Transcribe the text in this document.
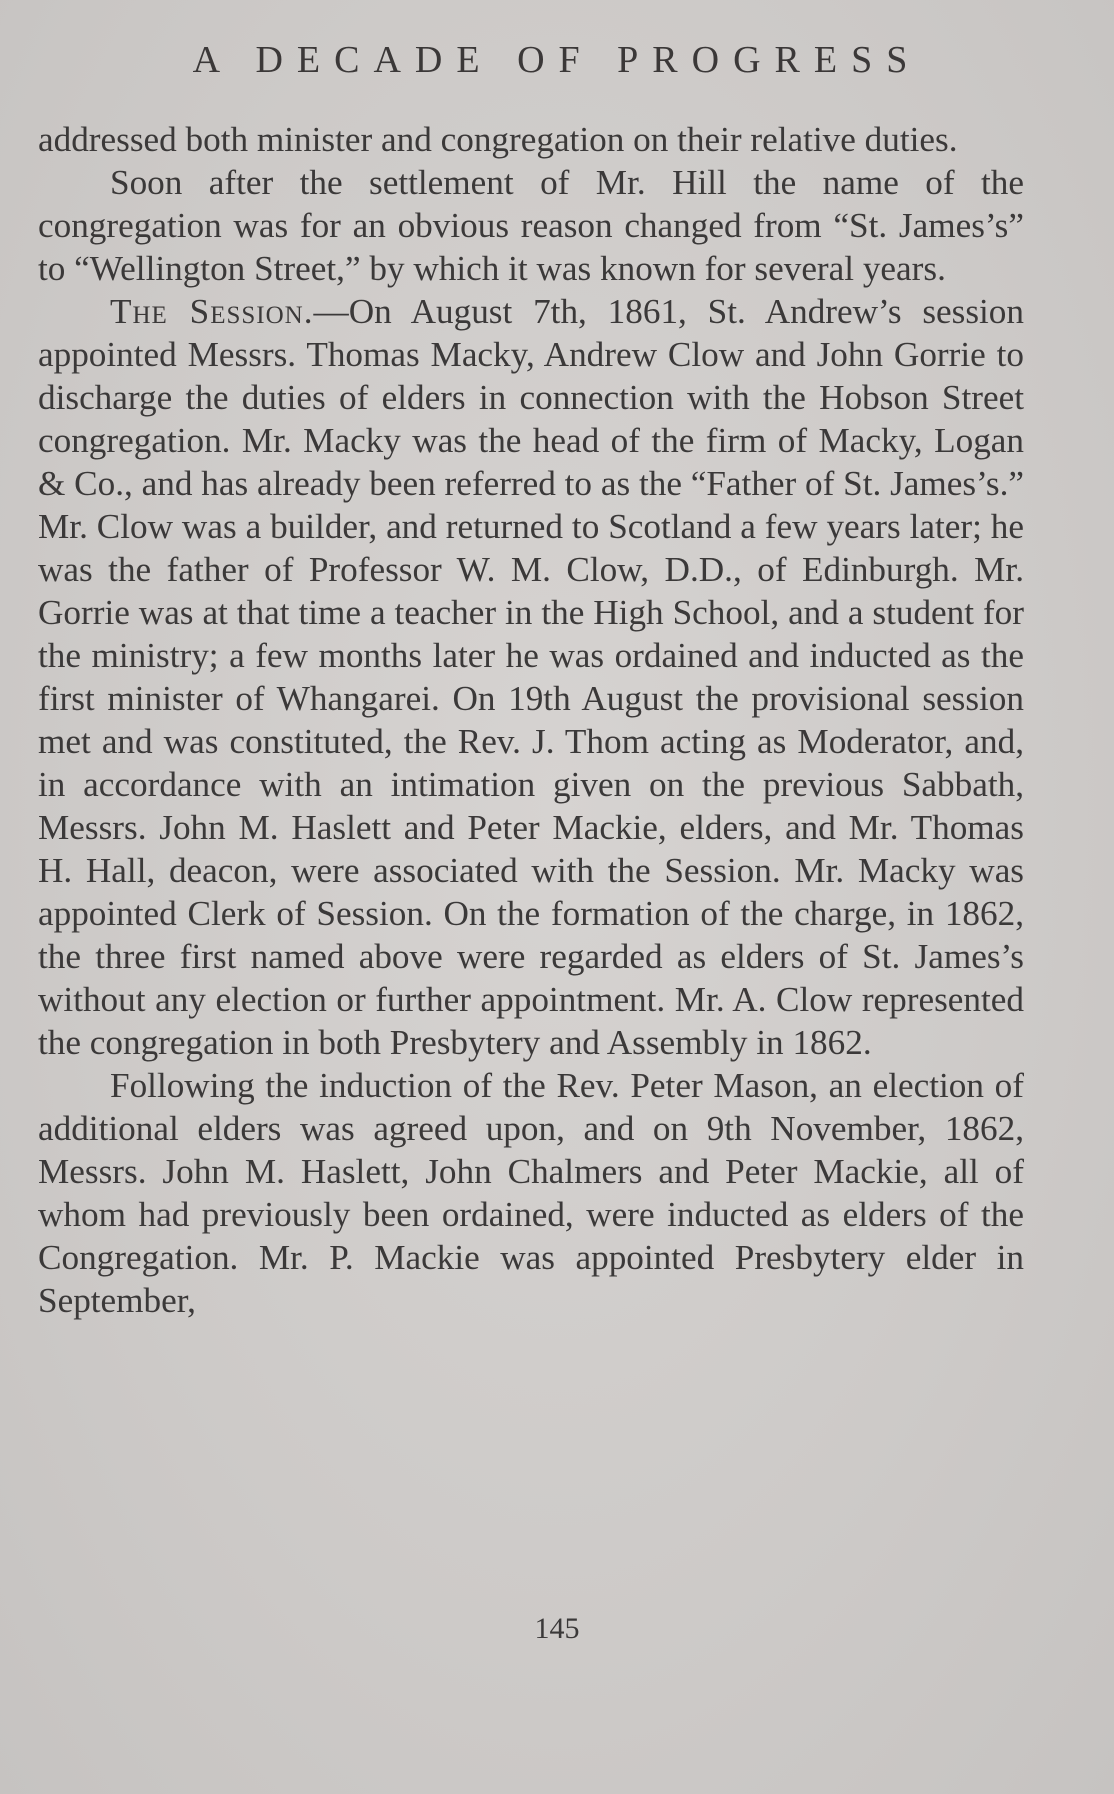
A DECADE OF PROGRESS

addressed both minister and congregation on their relative duties.

Soon after the settlement of Mr. Hill the name of the congregation was for an obvious reason changed from “St. James’s” to “Wellington Street,” by which it was known for several years.

The Session.—On August 7th, 1861, St. Andrew’s session appointed Messrs. Thomas Macky, Andrew Clow and John Gorrie to discharge the duties of elders in connection with the Hobson Street congregation. Mr. Macky was the head of the firm of Macky, Logan & Co., and has already been referred to as the “Father of St. James’s.” Mr. Clow was a builder, and returned to Scotland a few years later; he was the father of Professor W. M. Clow, D.D., of Edinburgh. Mr. Gorrie was at that time a teacher in the High School, and a student for the ministry; a few months later he was ordained and inducted as the first minister of Whangarei. On 19th August the provisional session met and was constituted, the Rev. J. Thom acting as Moderator, and, in accordance with an intimation given on the previous Sabbath, Messrs. John M. Haslett and Peter Mackie, elders, and Mr. Thomas H. Hall, deacon, were associated with the Session. Mr. Macky was appointed Clerk of Session. On the formation of the charge, in 1862, the three first named above were regarded as elders of St. James’s without any election or further appointment. Mr. A. Clow represented the congregation in both Presbytery and Assembly in 1862.

Following the induction of the Rev. Peter Mason, an election of additional elders was agreed upon, and on 9th November, 1862, Messrs. John M. Haslett, John Chalmers and Peter Mackie, all of whom had previously been ordained, were inducted as elders of the Congregation. Mr. P. Mackie was appointed Presbytery elder in September,

145
